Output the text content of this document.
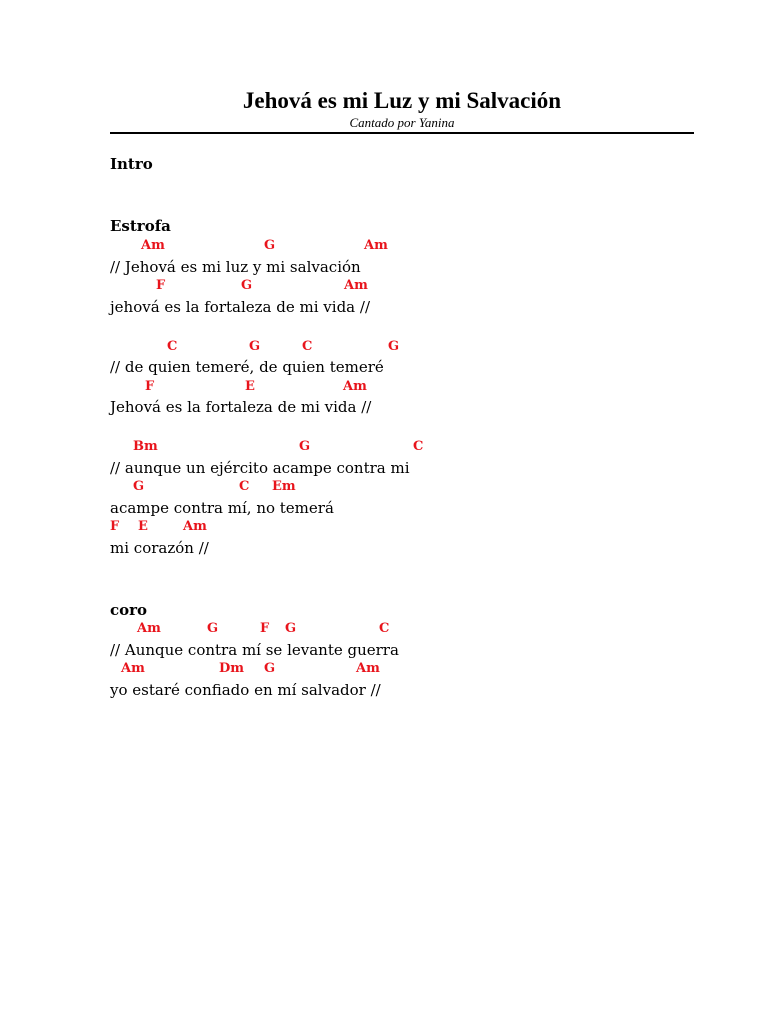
Jehová es mi Luz y mi Salvación
Cantado por Yanina
Intro
Estrofa
Am	G	Am
// Jehová es mi luz y mi salvación
F	G	Am
jehová es la fortaleza de mi vida //
C	G	C	G
// de quien temeré, de quien temeré
F	E	Am
Jehová es la fortaleza de mi vida //
Bm	G	C
// aunque un ejército acampe contra mi
G	C Em
acampe contra mí, no temerá
F E	Am
mi corazón //
coro
Am	G	F G	C
// Aunque contra mí se levante guerra
Am	Dm G	Am
yo estaré confiado en mí salvador //
